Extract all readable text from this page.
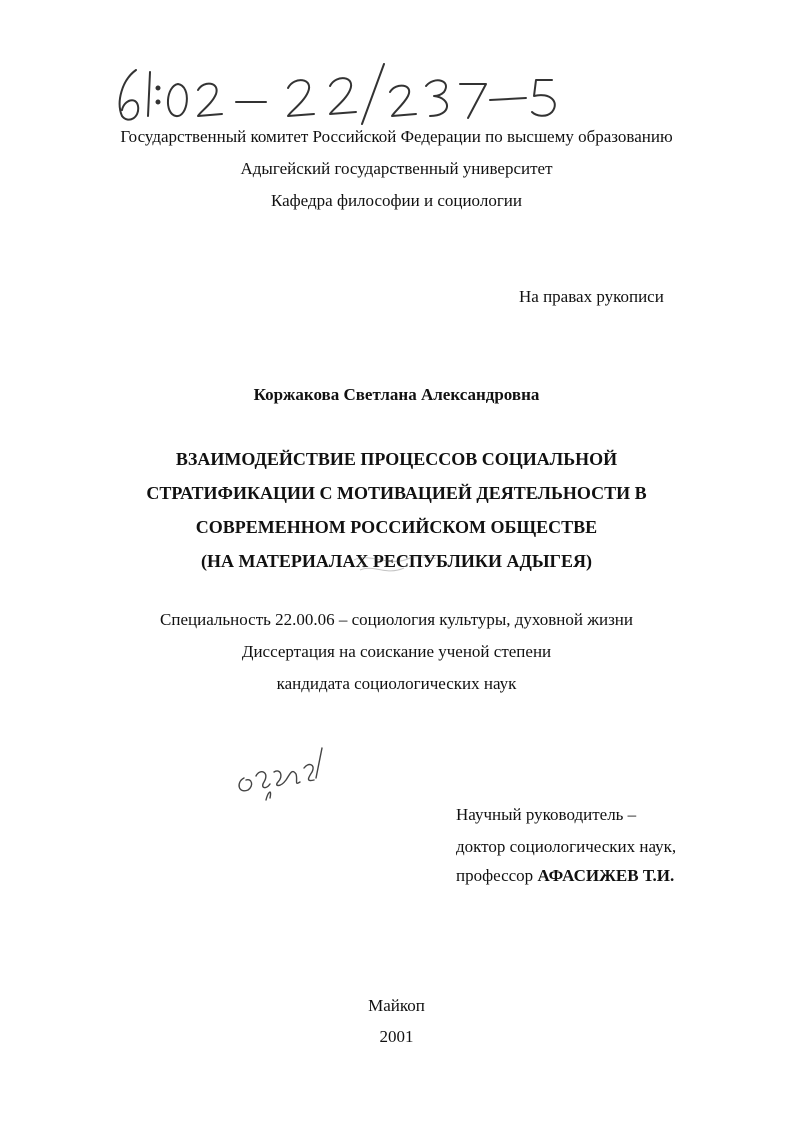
Государственный комитет Российской Федерации по высшему образованию
Адыгейский государственный университет
Кафедра философии и социологии
На правах рукописи
Коржакова Светлана Александровна
ВЗАИМОДЕЙСТВИЕ ПРОЦЕССОВ СОЦИАЛЬНОЙ
СТРАТИФИКАЦИИ С МОТИВАЦИЕЙ ДЕЯТЕЛЬНОСТИ В
СОВРЕМЕННОМ РОССИЙСКОМ ОБЩЕСТВЕ
(НА МАТЕРИАЛАХ РЕСПУБЛИКИ АДЫГЕЯ)
Специальность 22.00.06 – социология культуры, духовной жизни
Диссертация на соискание ученой степени
кандидата социологических наук
Научный руководитель –
доктор социологических наук,
профессор АФАСИЖЕВ Т.И.
Майкоп
2001
